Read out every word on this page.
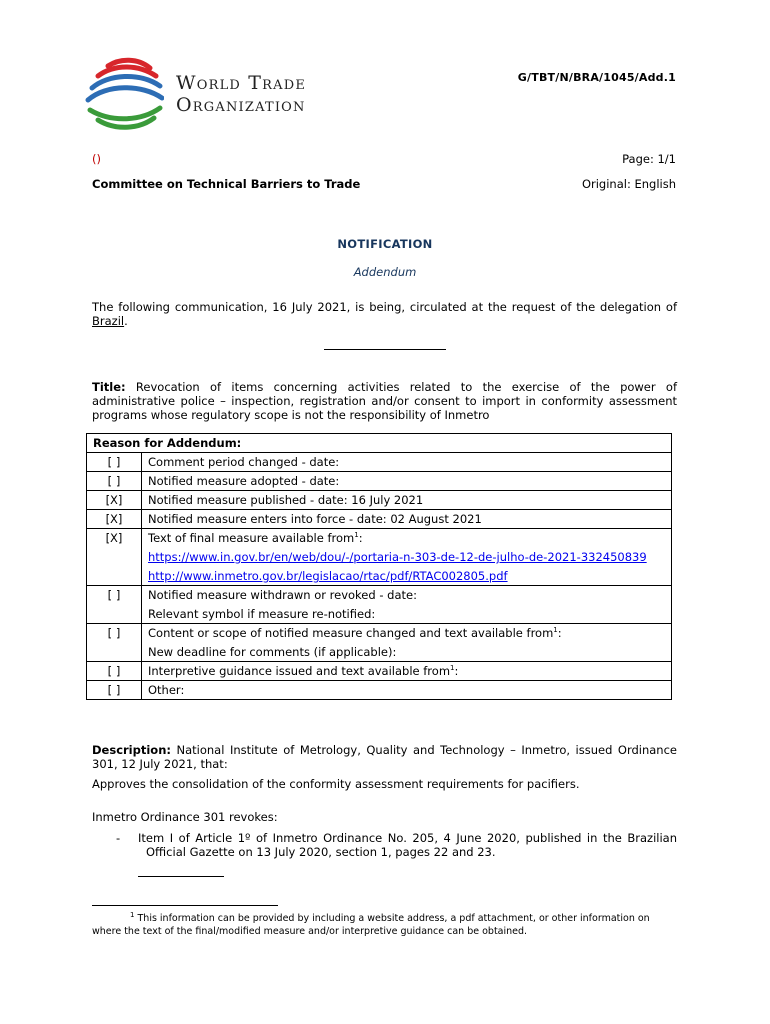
World Trade
Organization
G/TBT/N/BRA/1045/Add.1
()	Page: 1/1
Committee on Technical Barriers to Trade	Original: English
NOTIFICATION
Addendum
The following communication, 16 July 2021, is being, circulated at the request of the delegation of Brazil.
Title: Revocation of items concerning activities related to the exercise of the power of administrative police – inspection, registration and/or consent to import in conformity assessment programs whose regulatory scope is not the responsibility of Inmetro
Reason for Addendum:	
[ ]	Comment period changed - date:
[ ]	Notified measure adopted - date:
[X]	Notified measure published - date: 16 July 2021
[X]	Notified measure enters into force - date: 02 August 2021
[X]	Text of final measure available from$^1$:
https://www.in.gov.br/en/web/dou/-/portaria-n-303-de-12-de-julho-de-2021-332450839
http://www.inmetro.gov.br/legislacao/rtac/pdf/RTAC002805.pdf

[ ]	Notified measure withdrawn or revoked - date:
Relevant symbol if measure re-notified:

[ ]	Content or scope of notified measure changed and text available from$^1$:
New deadline for comments (if applicable):

[ ]	Interpretive guidance issued and text available from$^1$:
[ ]	Other:
Description: National Institute of Metrology, Quality and Technology – Inmetro, issued Ordinance 301, 12 July 2021, that:
Approves the consolidation of the conformity assessment requirements for pacifiers.
Inmetro Ordinance 301 revokes:
- Item I of Article 1º of Inmetro Ordinance No. 205, 4 June 2020, published in the Brazilian Official Gazette on 13 July 2020, section 1, pages 22 and 23.
$^1$ This information can be provided by including a website address, a pdf attachment, or other information on where the text of the final/modified measure and/or interpretive guidance can be obtained.
